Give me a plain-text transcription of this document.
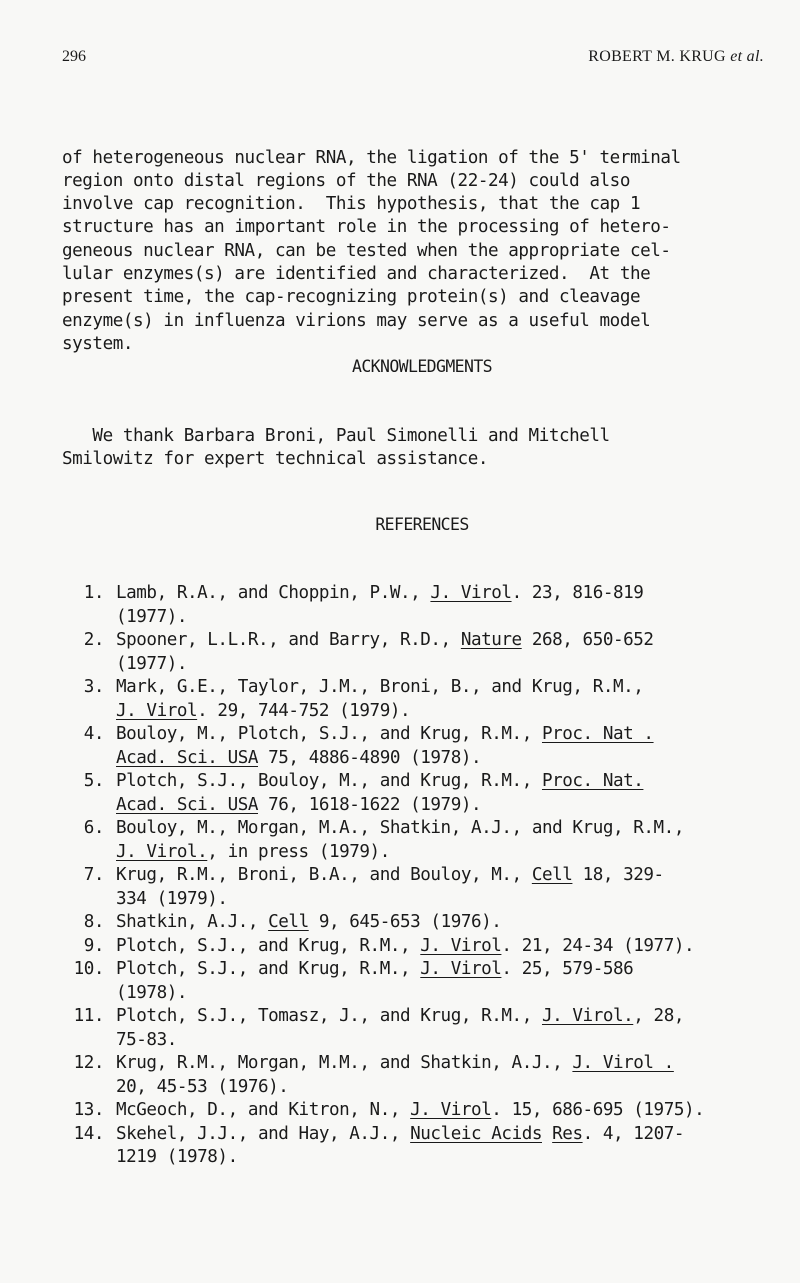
296	ROBERT M. KRUG et al.

of heterogeneous nuclear RNA, the ligation of the 5' terminal
region onto distal regions of the RNA (22-24) could also
involve cap recognition.  This hypothesis, that the cap 1
structure has an important role in the processing of hetero-
geneous nuclear RNA, can be tested when the appropriate cel-
lular enzymes(s) are identified and characterized.  At the
present time, the cap-recognizing protein(s) and cleavage
enzyme(s) in influenza virions may serve as a useful model
system.

ACKNOWLEDGMENTS

We thank Barbara Broni, Paul Simonelli and Mitchell
Smilowitz for expert technical assistance.

REFERENCES

1. Lamb, R.A., and Choppin, P.W., J. Virol. 23, 816-819
(1977).
2. Spooner, L.L.R., and Barry, R.D., Nature 268, 650-652
(1977).
3. Mark, G.E., Taylor, J.M., Broni, B., and Krug, R.M.,
J. Virol. 29, 744-752 (1979).
4. Bouloy, M., Plotch, S.J., and Krug, R.M., Proc. Nat .
Acad. Sci. USA 75, 4886-4890 (1978).
5. Plotch, S.J., Bouloy, M., and Krug, R.M., Proc. Nat.
Acad. Sci. USA 76, 1618-1622 (1979).
6. Bouloy, M., Morgan, M.A., Shatkin, A.J., and Krug, R.M.,
J. Virol., in press (1979).
7. Krug, R.M., Broni, B.A., and Bouloy, M., Cell 18, 329-
334 (1979).
8. Shatkin, A.J., Cell 9, 645-653 (1976).
9. Plotch, S.J., and Krug, R.M., J. Virol. 21, 24-34 (1977).
10. Plotch, S.J., and Krug, R.M., J. Virol. 25, 579-586
(1978).
11. Plotch, S.J., Tomasz, J., and Krug, R.M., J. Virol., 28,
75-83.
12. Krug, R.M., Morgan, M.M., and Shatkin, A.J., J. Virol .
20, 45-53 (1976).
13. McGeoch, D., and Kitron, N., J. Virol. 15, 686-695 (1975).
14. Skehel, J.J., and Hay, A.J., Nucleic Acids Res. 4, 1207-
1219 (1978).
